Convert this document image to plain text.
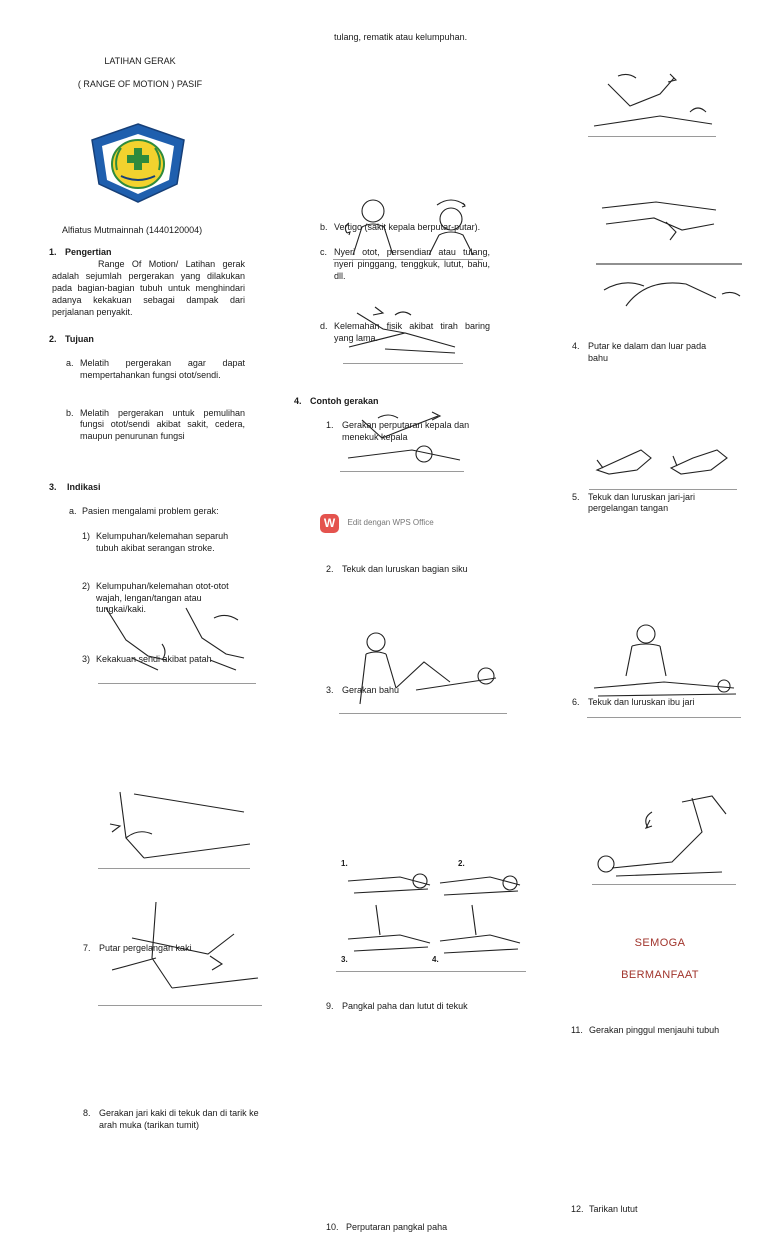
LATIHAN GERAK
( RANGE OF MOTION ) PASIF
Alfiatus Mutmainnah (1440120004)
1. Pengertian
Range Of Motion/ Latihan gerak adalah sejumlah pergerakan yang dilakukan pada bagian-bagian tubuh untuk menghindari adanya kekakuan sebagai dampak dari perjalanan penyakit.
2. Tujuan
a. Melatih pergerakan agar dapat mempertahankan fungsi otot/sendi.
b. Melatih pergerakan untuk pemulihan fungsi otot/sendi akibat sakit, cedera, maupun penurunan fungsi
3. Indikasi
a. Pasien mengalami problem gerak:
1) Kelumpuhan/kelemahan separuh tubuh akibat serangan stroke.
2) Kelumpuhan/kelemahan otot-otot wajah, lengan/tangan atau tungkai/kaki.
3) Kekakuan sendi akibat patah
tulang, rematik atau kelumpuhan.
b. Vertigo (sakit kepala berputar-putar).
c. Nyeri otot, persendian atau tulang, nyeri pinggang, tenggkuk, lutut, bahu, dll.
d. Kelemahan fisik akibat tirah baring yang lama.
4. Contoh gerakan
1. Gerakan perputaran kepala dan menekuk kepala
2. Tekuk dan luruskan bagian siku
3. Gerakan bahu
4. Putar ke dalam dan luar pada bahu
5. Tekuk dan luruskan jari-jari pergelangan tangan
6. Tekuk dan luruskan ibu jari
W Edit dengan WPS Office
7. Putar pergelangan kaki
8. Gerakan jari kaki di tekuk dan di tarik ke arah muka (tarikan tumit)
9. Pangkal paha dan lutut di tekuk
10. Perputaran pangkal paha
1.	2.
3.	4.
11. Gerakan pinggul menjauhi tubuh
12. Tarikan lutut
SEMOGA
BERMANFAAT
